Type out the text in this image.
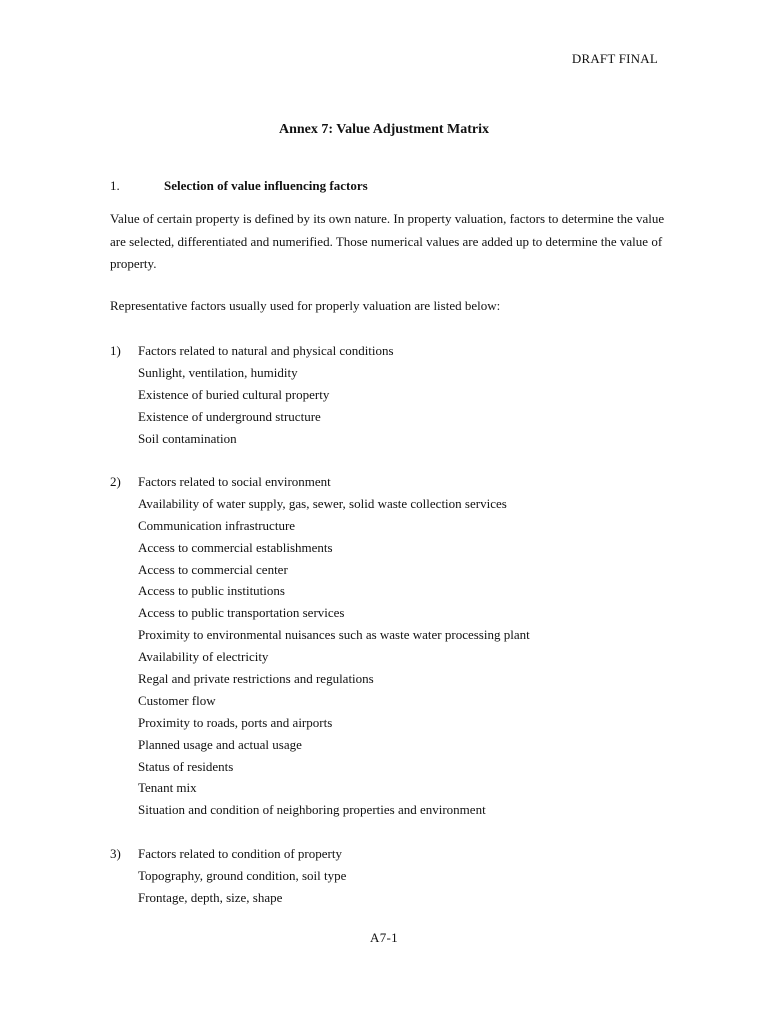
DRAFT FINAL
Annex 7: Value Adjustment Matrix
1.	Selection of value influencing factors

Value of certain property is defined by its own nature. In property valuation, factors to determine the value are selected, differentiated and numerified. Those numerical values are added up to determine the value of property.

Representative factors usually used for properly valuation are listed below:

1) Factors related to natural and physical conditions
Sunlight, ventilation, humidity
Existence of buried cultural property
Existence of underground structure
Soil contamination
2) Factors related to social environment
Availability of water supply, gas, sewer, solid waste collection services
Communication infrastructure
Access to commercial establishments
Access to commercial center
Access to public institutions
Access to public transportation services
Proximity to environmental nuisances such as waste water processing plant
Availability of electricity
Regal and private restrictions and regulations
Customer flow
Proximity to roads, ports and airports
Planned usage and actual usage
Status of residents
Tenant mix
Situation and condition of neighboring properties and environment
3) Factors related to condition of property
Topography, ground condition, soil type
Frontage, depth, size, shape
A7-1
